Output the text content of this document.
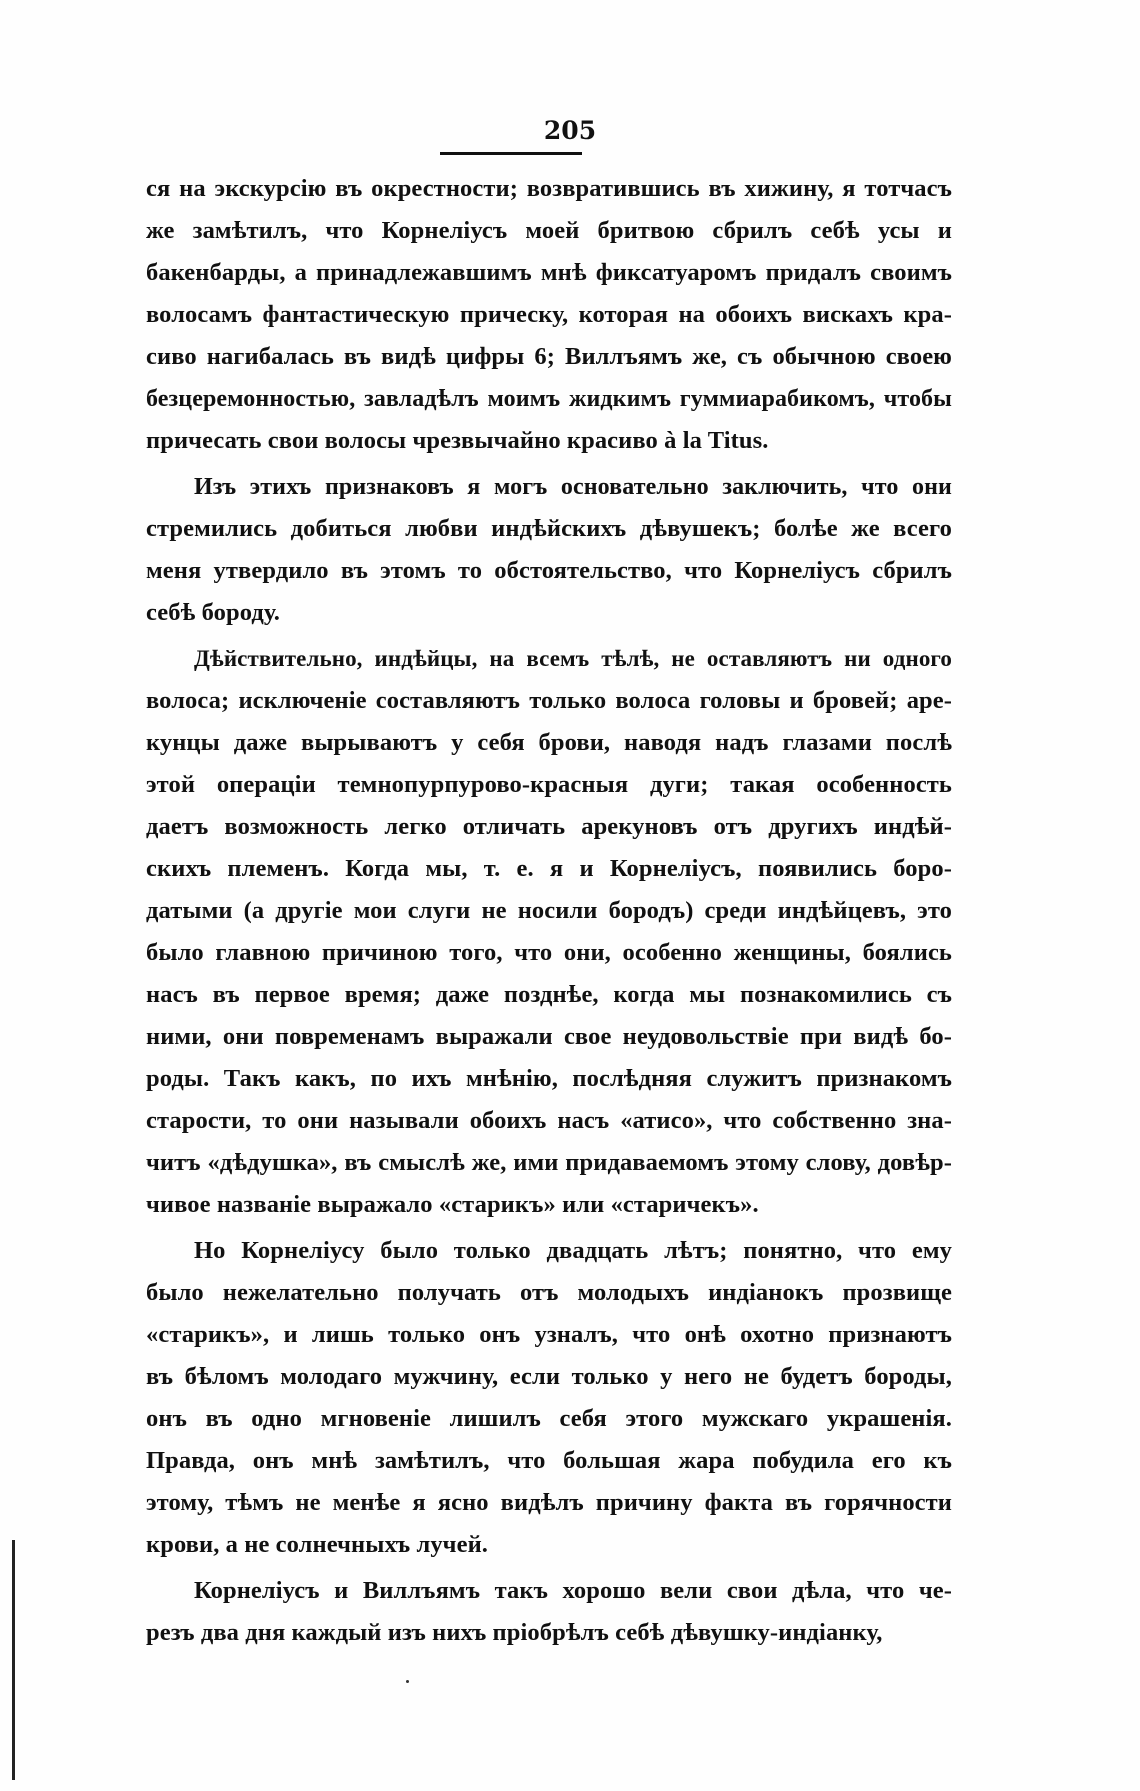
205
ся на экскурсію въ окрестности; возвратившись въ хижину, я тотчасъ
же замѣтилъ, что Корнеліусъ моей бритвою сбрилъ себѣ усы и
бакенбарды, а принадлежавшимъ мнѣ фиксатуаромъ придалъ своимъ
волосамъ фантастическую прическу, которая на обоихъ вискахъ кра-
сиво нагибалась въ видѣ цифры 6; Виллъямъ же, съ обычною своею
безцеремонностью, завладѣлъ моимъ жидкимъ гуммиарабикомъ, чтобы
причесать свои волосы чрезвычайно красиво à la Titus.
Изъ этихъ признаковъ я могъ основательно заключить, что они
стремились добиться любви индѣйскихъ дѣвушекъ; болѣе же всего
меня утвердило въ этомъ то обстоятельство, что Корнеліусъ сбрилъ
себѣ бороду.
Дѣйствительно, индѣйцы, на всемъ тѣлѣ, не оставляютъ ни одного
волоса; исключеніе составляютъ только волоса головы и бровей; аре-
кунцы даже вырываютъ у себя брови, наводя надъ глазами послѣ
этой операціи темнопурпурово-красныя дуги; такая особенность
даетъ возможность легко отличать арекуновъ отъ другихъ индѣй-
скихъ племенъ. Когда мы, т. е. я и Корнеліусъ, появились боро-
датыми (а другіе мои слуги не носили бородъ) среди индѣйцевъ, это
было главною причиною того, что они, особенно женщины, боялись
насъ въ первое время; даже позднѣе, когда мы познакомились съ
ними, они повременамъ выражали свое неудовольствіе при видѣ бо-
роды. Такъ какъ, по ихъ мнѣнію, послѣдняя служитъ признакомъ
старости, то они называли обоихъ насъ «атисо», что собственно зна-
читъ «дѣдушка», въ смыслѣ же, ими придаваемомъ этому слову, довѣр-
чивое названіе выражало «старикъ» или «старичекъ».
Но Корнеліусу было только двадцать лѣтъ; понятно, что ему
было нежелательно получать отъ молодыхъ индіанокъ прозвище
«старикъ», и лишь только онъ узналъ, что онѣ охотно признаютъ
въ бѣломъ молодаго мужчину, если только у него не будетъ бороды,
онъ въ одно мгновеніе лишилъ себя этого мужскаго украшенія.
Правда, онъ мнѣ замѣтилъ, что большая жара побудила его къ
этому, тѣмъ не менѣе я ясно видѣлъ причину факта въ горячности
крови, а не солнечныхъ лучей.
Корнеліусъ и Виллъямъ такъ хорошо вели свои дѣла, что че-
резъ два дня каждый изъ нихъ пріобрѣлъ себѣ дѣвушку-индіанку,
